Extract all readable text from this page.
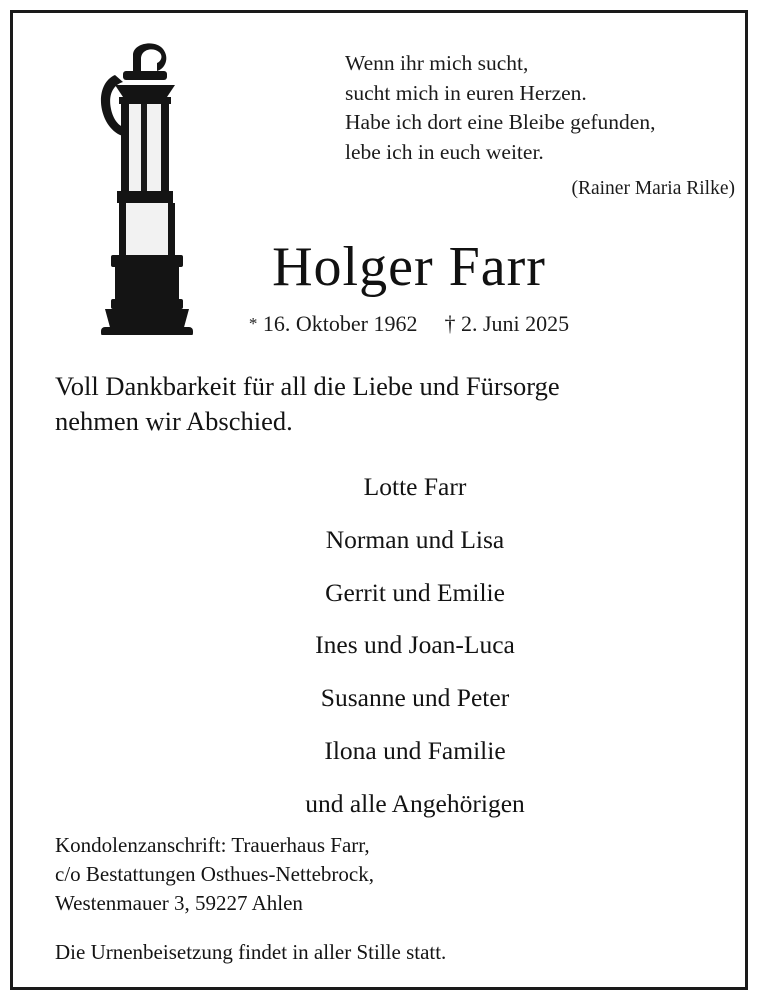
Wenn ihr mich sucht,
sucht mich in euren Herzen.
Habe ich dort eine Bleibe gefunden,
lebe ich in euch weiter.
(Rainer Maria Rilke)
Holger Farr
* 16. Oktober 1962 † 2. Juni 2025
Voll Dankbarkeit für all die Liebe und Fürsorge
nehmen wir Abschied.
Lotte Farr
Norman und Lisa
Gerrit und Emilie
Ines und Joan-Luca
Susanne und Peter
Ilona und Familie
und alle Angehörigen
Kondolenzanschrift: Trauerhaus Farr,
c/o Bestattungen Osthues-Nettebrock,
Westenmauer 3, 59227 Ahlen
Die Urnenbeisetzung findet in aller Stille statt.
